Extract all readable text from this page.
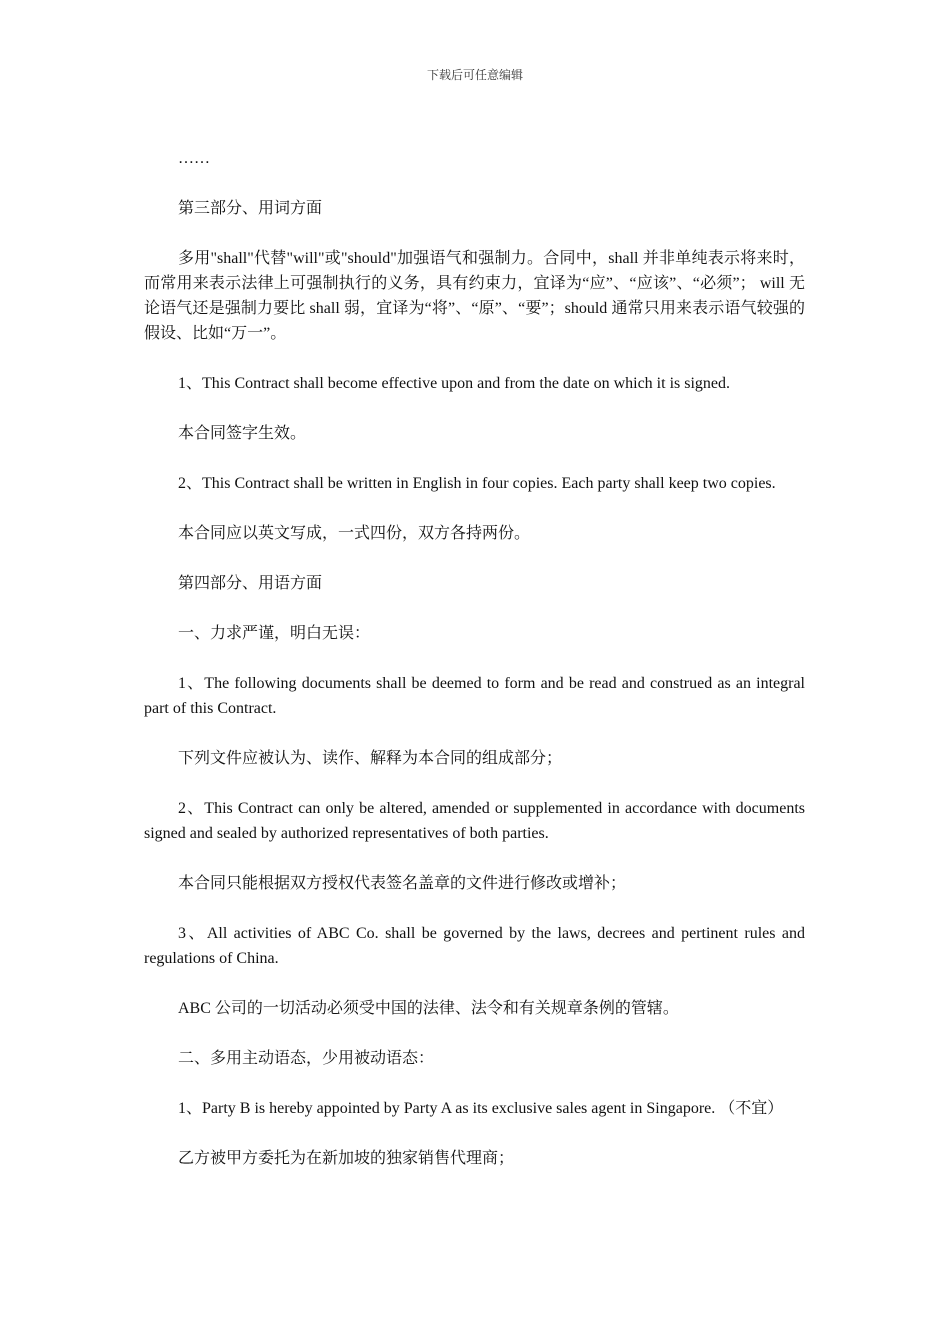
下载后可任意编辑

……

第三部分、用词方面

多用"shall"代替"will"或"should"加强语气和强制力。合同中，shall 并非单纯表示将来时，而常用来表示法律上可强制执行的义务，具有约束力，宜译为“应”、“应该”、“必须”； will 无论语气还是强制力要比 shall 弱，宜译为“将”、“原”、“要”；should 通常只用来表示语气较强的假设、比如“万一”。

1、This Contract shall become effective upon and from the date on which it is signed.

本合同签字生效。

2、This Contract shall be written in English in four copies. Each party shall keep two copies.

本合同应以英文写成，一式四份，双方各持两份。

第四部分、用语方面

一、力求严谨，明白无误：

1、The following documents shall be deemed to form and be read and construed as an integral part of this Contract.

下列文件应被认为、读作、解释为本合同的组成部分；

2、This Contract can only be altered, amended or supplemented in accordance with documents signed and sealed by authorized representatives of both parties.

本合同只能根据双方授权代表签名盖章的文件进行修改或增补；

3、All activities of ABC Co. shall be governed by the laws, decrees and pertinent rules and regulations of China.

ABC 公司的一切活动必须受中国的法律、法令和有关规章条例的管辖。

二、多用主动语态，少用被动语态：

1、Party B is hereby appointed by Party A as its exclusive sales agent in Singapore. （不宜）

乙方被甲方委托为在新加坡的独家销售代理商；
